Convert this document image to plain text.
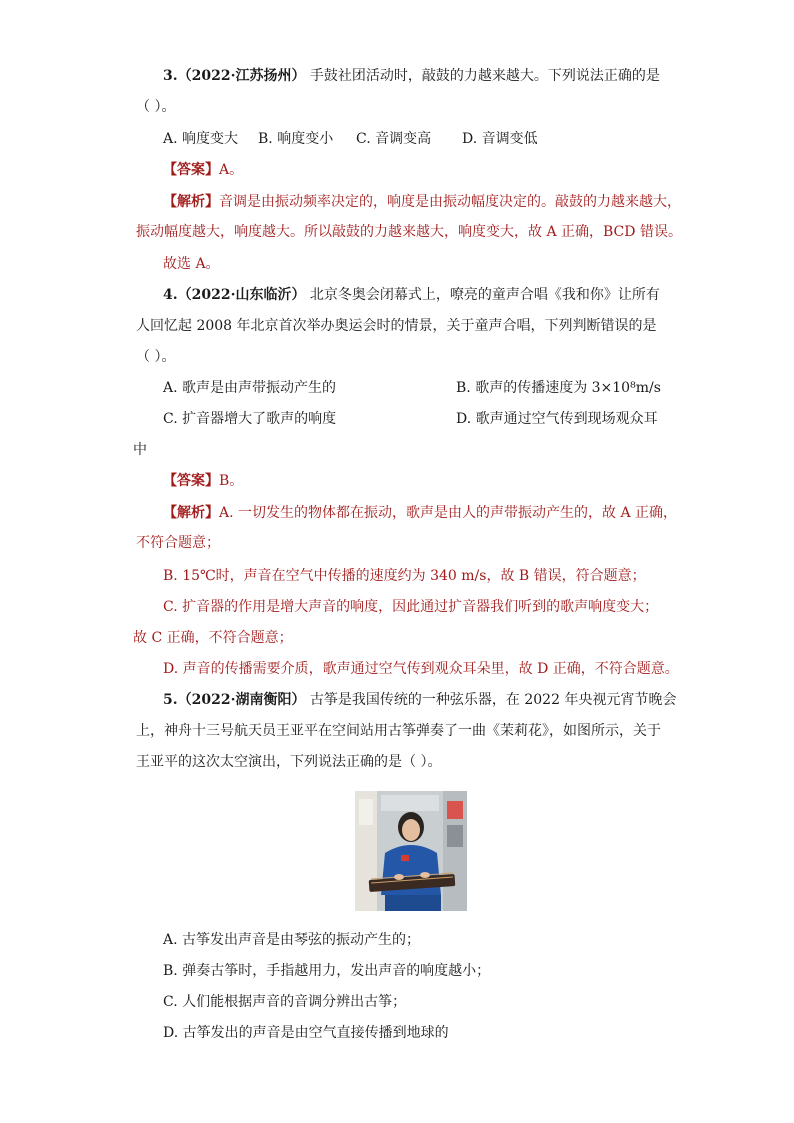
3.（2022·江苏扬州） 手鼓社团活动时，敲鼓的力越来越大。下列说法正确的是
（ ）。
A. 响度变大 B. 响度变小 C. 音调变高 D. 音调变低
【答案】A。
【解析】音调是由振动频率决定的，响度是由振动幅度决定的。敲鼓的力越来越大，
振动幅度越大，响度越大。所以敲鼓的力越来越大，响度变大，故 A 正确，BCD 错误。
故选 A。
4.（2022·山东临沂） 北京冬奥会闭幕式上，嘹亮的童声合唱《我和你》让所有
人回忆起 2008 年北京首次举办奥运会时的情景，关于童声合唱，下列判断错误的是
（ ）。
A. 歌声是由声带振动产生的	B. 歌声的传播速度为 3×10⁸m/s
C. 扩音器增大了歌声的响度	D. 歌声通过空气传到现场观众耳
中
【答案】B。
【解析】A. 一切发生的物体都在振动，歌声是由人的声带振动产生的，故 A 正确，
不符合题意；
B. 15℃时，声音在空气中传播的速度约为 340 m/s，故 B 错误，符合题意；
C. 扩音器的作用是增大声音的响度，因此通过扩音器我们听到的歌声响度变大；
故 C 正确，不符合题意；
D. 声音的传播需要介质，歌声通过空气传到观众耳朵里，故 D 正确，不符合题意。
5.（2022·湖南衡阳） 古筝是我国传统的一种弦乐器，在 2022 年央视元宵节晚会
上，神舟十三号航天员王亚平在空间站用古筝弹奏了一曲《茉莉花》，如图所示，关于
王亚平的这次太空演出，下列说法正确的是（ ）。
A. 古筝发出声音是由琴弦的振动产生的；
B. 弹奏古筝时，手指越用力，发出声音的响度越小；
C. 人们能根据声音的音调分辨出古筝；
D. 古筝发出的声音是由空气直接传播到地球的
